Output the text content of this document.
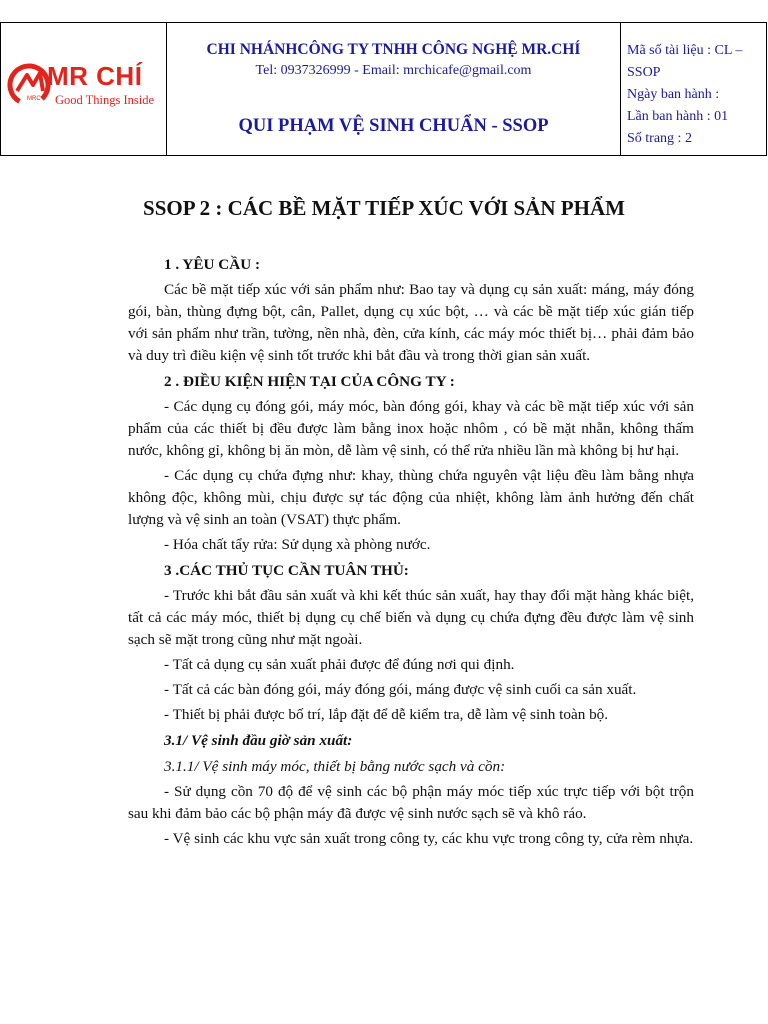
MRC
MR CHÍ
Good Things Inside
CHI NHÁNHCÔNG TY TNHH CÔNG NGHỆ MR.CHÍ
Tel: 0937326999 - Email: mrchicafe@gmail.com
QUI PHẠM VỆ SINH CHUẨN - SSOP
Mã số tài liệu : CL –
SSOP
Ngày ban hành :
Lần ban hành : 01
Số trang : 2
SSOP 2 : CÁC BỀ MẶT TIẾP XÚC VỚI SẢN PHẨM

1 . YÊU CẦU :

Các bề mặt tiếp xúc với sản phẩm như: Bao tay và dụng cụ sản xuất: máng, máy đóng gói, bàn, thùng đựng bột, cân, Pallet, dụng cụ xúc bột, … và các bề mặt tiếp xúc gián tiếp với sản phẩm như trần, tường, nền nhà, đèn, cửa kính, các máy móc thiết bị… phải đảm bảo và duy trì điều kiện vệ sinh tốt trước khi bắt đầu và trong thời gian sản xuất.

2 . ĐIỀU KIỆN HIỆN TẠI CỦA CÔNG TY :

- Các dụng cụ đóng gói, máy móc, bàn đóng gói, khay và các bề mặt tiếp xúc với sản phẩm của các thiết bị đều được làm bằng inox hoặc nhôm , có bề mặt nhẵn, không thấm nước, không gỉ, không bị ăn mòn, dễ làm vệ sinh, có thể rửa nhiều lần mà không bị hư hại.

- Các dụng cụ chứa đựng như: khay, thùng chứa nguyên vật liệu đều làm bằng nhựa không độc, không mùi, chịu được sự tác động của nhiệt, không làm ảnh hưởng đến chất lượng và vệ sinh an toàn (VSAT) thực phẩm.

- Hóa chất tẩy rửa: Sử dụng xà phòng nước.

3 .CÁC THỦ TỤC CẦN TUÂN THỦ:

- Trước khi bắt đầu sản xuất và khi kết thúc sản xuất, hay thay đổi mặt hàng khác biệt, tất cả các máy móc, thiết bị dụng cụ chế biến và dụng cụ chứa đựng đều được làm vệ sinh sạch sẽ mặt trong cũng như mặt ngoài.

- Tất cả dụng cụ sản xuất phải được để đúng nơi qui định.

- Tất cả các bàn đóng gói, máy đóng gói, máng được vệ sinh cuối ca sản xuất.

- Thiết bị phải được bố trí, lắp đặt để dễ kiểm tra, dễ làm vệ sinh toàn bộ.

3.1/ Vệ sinh đầu giờ sản xuất:

3.1.1/ Vệ sinh máy móc, thiết bị bằng nước sạch và cồn:

- Sử dụng cồn 70 độ để vệ sinh các bộ phận máy móc tiếp xúc trực tiếp với bột trộn sau khi đảm bảo các bộ phận máy đã được vệ sinh nước sạch sẽ và khô ráo.

- Vệ sinh các khu vực sản xuất trong công ty, các khu vực trong công ty, cửa rèm nhựa.
